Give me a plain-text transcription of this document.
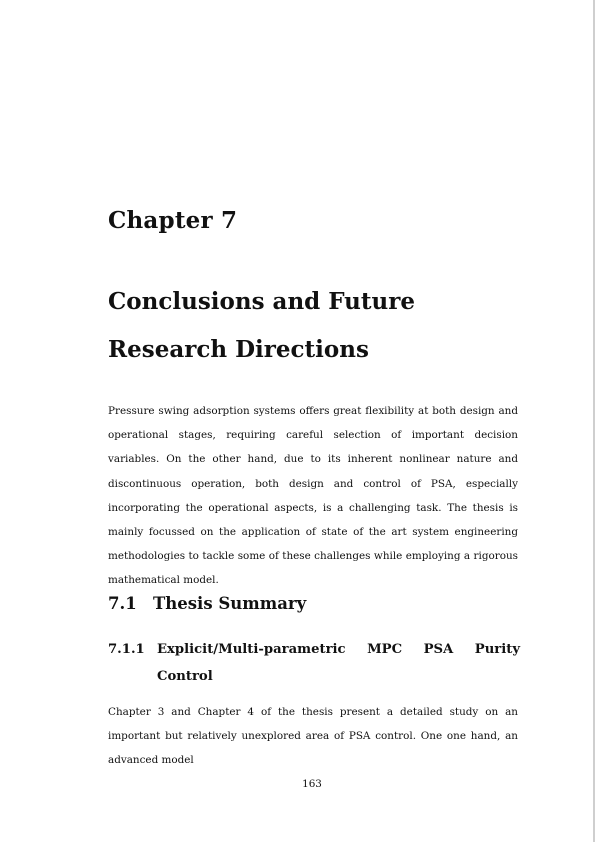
Chapter 7
Conclusions and Future Research Directions

Pressure swing adsorption systems offers great flexibility at both design and operational stages, requiring careful selection of important decision variables. On the other hand, due to its inherent nonlinear nature and discontinuous operation, both design and control of PSA, especially incorporating the operational aspects, is a challenging task. The thesis is mainly focussed on the application of state of the art system engineering methodologies to tackle some of these challenges while employing a rigorous mathematical model.

7.1 Thesis Summary
7.1.1 Explicit/Multi-parametric MPC PSA Purity Control

Chapter 3 and Chapter 4 of the thesis present a detailed study on an important but relatively unexplored area of PSA control. One one hand, an advanced model

163
